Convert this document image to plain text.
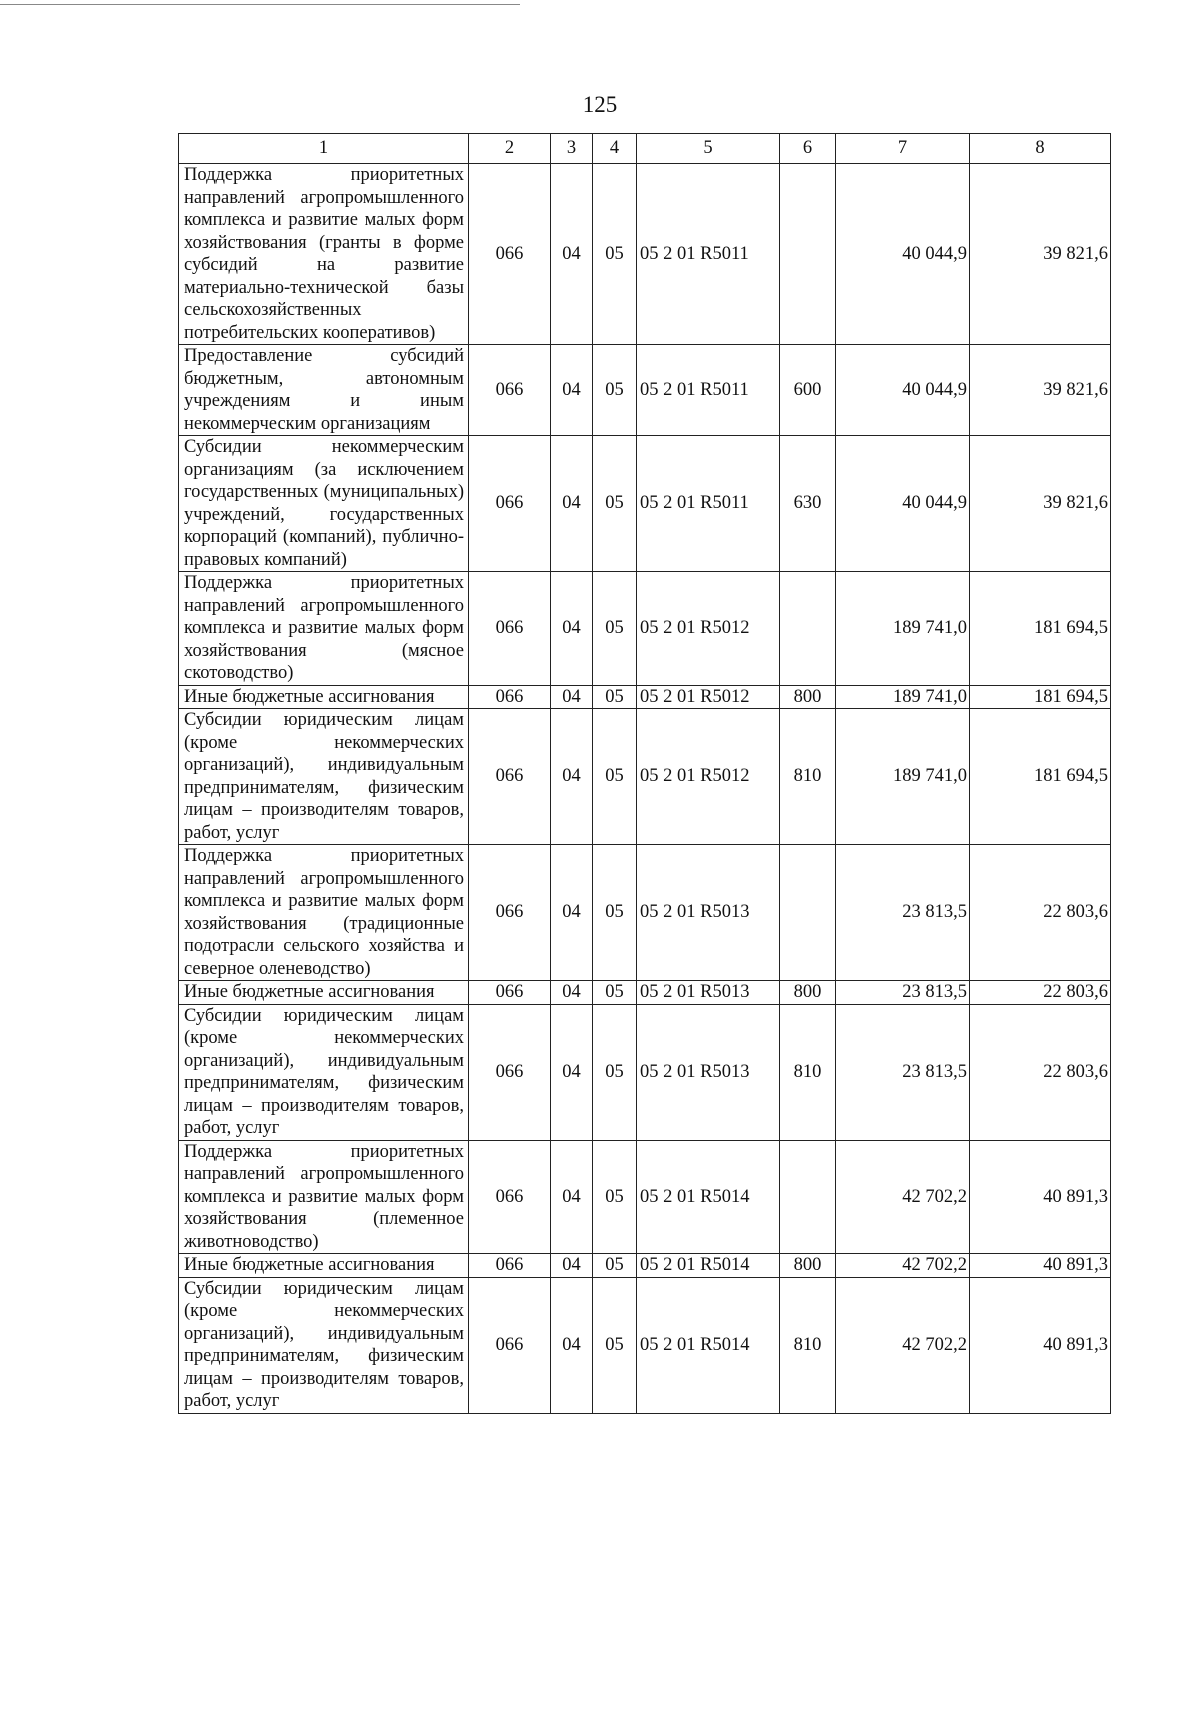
125
1	2	3	4	5	6	7	8
Поддержка приоритетных направлений агропромышленного комплекса и развитие малых форм хозяйствования (гранты в форме субсидий на развитие материально-технической базы сельскохозяйственных потребительских кооперативов)	066	04	05	05 2 01 R5011		40 044,9	39 821,6
Предоставление субсидий бюджетным, автономным учреждениям и иным некоммерческим организациям	066	04	05	05 2 01 R5011	600	40 044,9	39 821,6
Субсидии некоммерческим организациям (за исключением государственных (муниципальных) учреждений, государственных корпораций (компаний), публично-правовых компаний)	066	04	05	05 2 01 R5011	630	40 044,9	39 821,6
Поддержка приоритетных направлений агропромышленного комплекса и развитие малых форм хозяйствования (мясное скотоводство)	066	04	05	05 2 01 R5012		189 741,0	181 694,5
Иные бюджетные ассигнования	066	04	05	05 2 01 R5012	800	189 741,0	181 694,5
Субсидии юридическим лицам (кроме некоммерческих организаций), индивидуальным предпринимателям, физическим лицам – производителям товаров, работ, услуг	066	04	05	05 2 01 R5012	810	189 741,0	181 694,5
Поддержка приоритетных направлений агропромышленного комплекса и развитие малых форм хозяйствования (традиционные подотрасли сельского хозяйства и северное оленеводство)	066	04	05	05 2 01 R5013		23 813,5	22 803,6
Иные бюджетные ассигнования	066	04	05	05 2 01 R5013	800	23 813,5	22 803,6
Субсидии юридическим лицам (кроме некоммерческих организаций), индивидуальным предпринимателям, физическим лицам – производителям товаров, работ, услуг	066	04	05	05 2 01 R5013	810	23 813,5	22 803,6
Поддержка приоритетных направлений агропромышленного комплекса и развитие малых форм хозяйствования (племенное животноводство)	066	04	05	05 2 01 R5014		42 702,2	40 891,3
Иные бюджетные ассигнования	066	04	05	05 2 01 R5014	800	42 702,2	40 891,3
Субсидии юридическим лицам (кроме некоммерческих организаций), индивидуальным предпринимателям, физическим лицам – производителям товаров, работ, услуг	066	04	05	05 2 01 R5014	810	42 702,2	40 891,3
